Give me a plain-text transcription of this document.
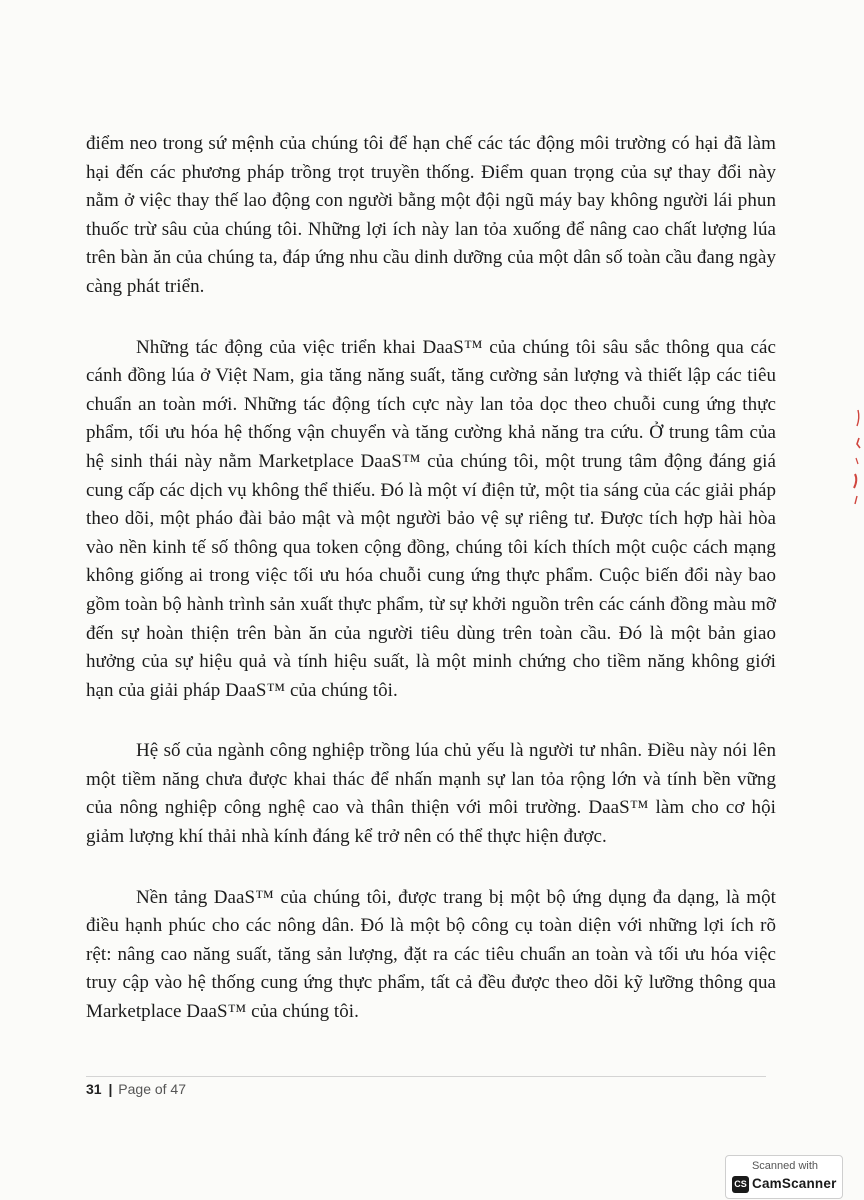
điểm neo trong sứ mệnh của chúng tôi để hạn chế các tác động môi trường có hại đã làm hại đến các phương pháp trồng trọt truyền thống. Điểm quan trọng của sự thay đổi này nằm ở việc thay thế lao động con người bằng một đội ngũ máy bay không người lái phun thuốc trừ sâu của chúng tôi. Những lợi ích này lan tỏa xuống để nâng cao chất lượng lúa trên bàn ăn của chúng ta, đáp ứng nhu cầu dinh dưỡng của một dân số toàn cầu đang ngày càng phát triển.

Những tác động của việc triển khai DaaS™ của chúng tôi sâu sắc thông qua các cánh đồng lúa ở Việt Nam, gia tăng năng suất, tăng cường sản lượng và thiết lập các tiêu chuẩn an toàn mới. Những tác động tích cực này lan tỏa dọc theo chuỗi cung ứng thực phẩm, tối ưu hóa hệ thống vận chuyển và tăng cường khả năng tra cứu. Ở trung tâm của hệ sinh thái này nằm Marketplace DaaS™ của chúng tôi, một trung tâm động đáng giá cung cấp các dịch vụ không thể thiếu. Đó là một ví điện tử, một tia sáng của các giải pháp theo dõi, một pháo đài bảo mật và một người bảo vệ sự riêng tư. Được tích hợp hài hòa vào nền kinh tế số thông qua token cộng đồng, chúng tôi kích thích một cuộc cách mạng không giống ai trong việc tối ưu hóa chuỗi cung ứng thực phẩm. Cuộc biến đổi này bao gồm toàn bộ hành trình sản xuất thực phẩm, từ sự khởi nguồn trên các cánh đồng màu mỡ đến sự hoàn thiện trên bàn ăn của người tiêu dùng trên toàn cầu. Đó là một bản giao hưởng của sự hiệu quả và tính hiệu suất, là một minh chứng cho tiềm năng không giới hạn của giải pháp DaaS™ của chúng tôi.

Hệ số của ngành công nghiệp trồng lúa chủ yếu là người tư nhân. Điều này nói lên một tiềm năng chưa được khai thác để nhấn mạnh sự lan tỏa rộng lớn và tính bền vững của nông nghiệp công nghệ cao và thân thiện với môi trường. DaaS™ làm cho cơ hội giảm lượng khí thải nhà kính đáng kể trở nên có thể thực hiện được.

Nền tảng DaaS™ của chúng tôi, được trang bị một bộ ứng dụng đa dạng, là một điều hạnh phúc cho các nông dân. Đó là một bộ công cụ toàn diện với những lợi ích rõ rệt: nâng cao năng suất, tăng sản lượng, đặt ra các tiêu chuẩn an toàn và tối ưu hóa việc truy cập vào hệ thống cung ứng thực phẩm, tất cả đều được theo dõi kỹ lưỡng thông qua Marketplace DaaS™ của chúng tôi.

31 | Page of 47
Scanned with
CS CamScanner
